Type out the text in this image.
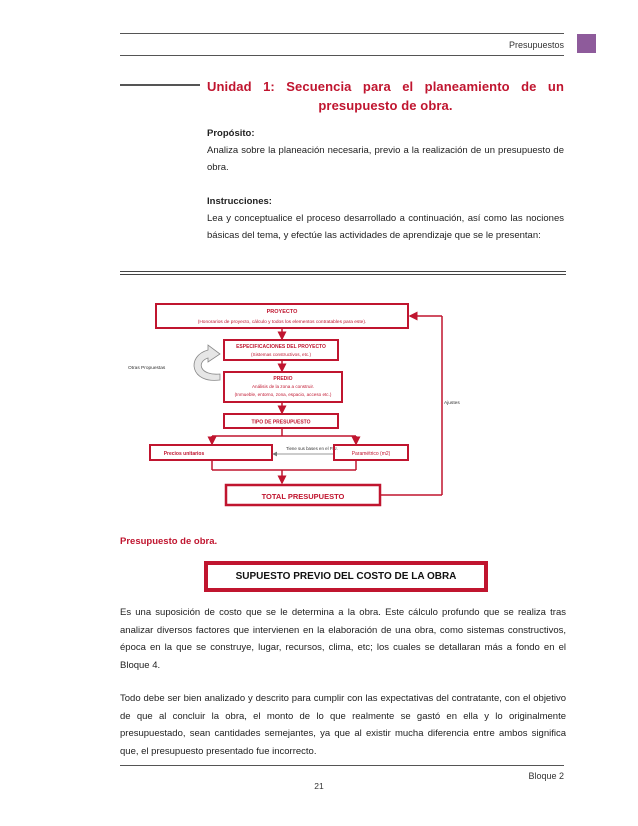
Presupuestos
Unidad 1: Secuencia para el planeamiento de un presupuesto de obra.
Propósito:
Analiza sobre la planeación necesaria, previo a la realización de un presupuesto de obra.
Instrucciones:
Lea y conceptualice el proceso desarrollado a continuación, así como las nociones básicas del tema, y efectúe las actividades de aprendizaje que se le presentan:
PROYECTO
(Honorarios de proyecto, cálculo y todos los elementos contratables para este).
ESPECIFICACIONES DEL PROYECTO
(Sistemas constructivos, etc.)
PREDIO
Análisis de la zona a construir.
(Inmueble, entorno, zona, espacio, acceso etc.)
Otras Propuestas
TIPO DE PRESUPUESTO
Precios unitarios
Tiene sus bases en el P.U.
Paramétrico (m2)
TOTAL PRESUPUESTO
Ajustes
Presupuesto de obra.
SUPUESTO PREVIO DEL COSTO DE LA OBRA
Es una suposición de costo que se le determina a la obra. Este cálculo profundo que se realiza tras analizar diversos factores que intervienen en la elaboración de una obra, como sistemas constructivos, época en la que se construye, lugar, recursos, clima, etc; los cuales se detallaran más a fondo en el Bloque 4.
Todo debe ser bien analizado y descrito para cumplir con las expectativas del contratante, con el objetivo de que al concluir la obra, el monto de lo que realmente se gastó en ella y lo originalmente presupuestado, sean cantidades semejantes, ya que al existir mucha diferencia entre ambos significa que, el presupuesto presentado fue incorrecto.
Bloque 2
21
